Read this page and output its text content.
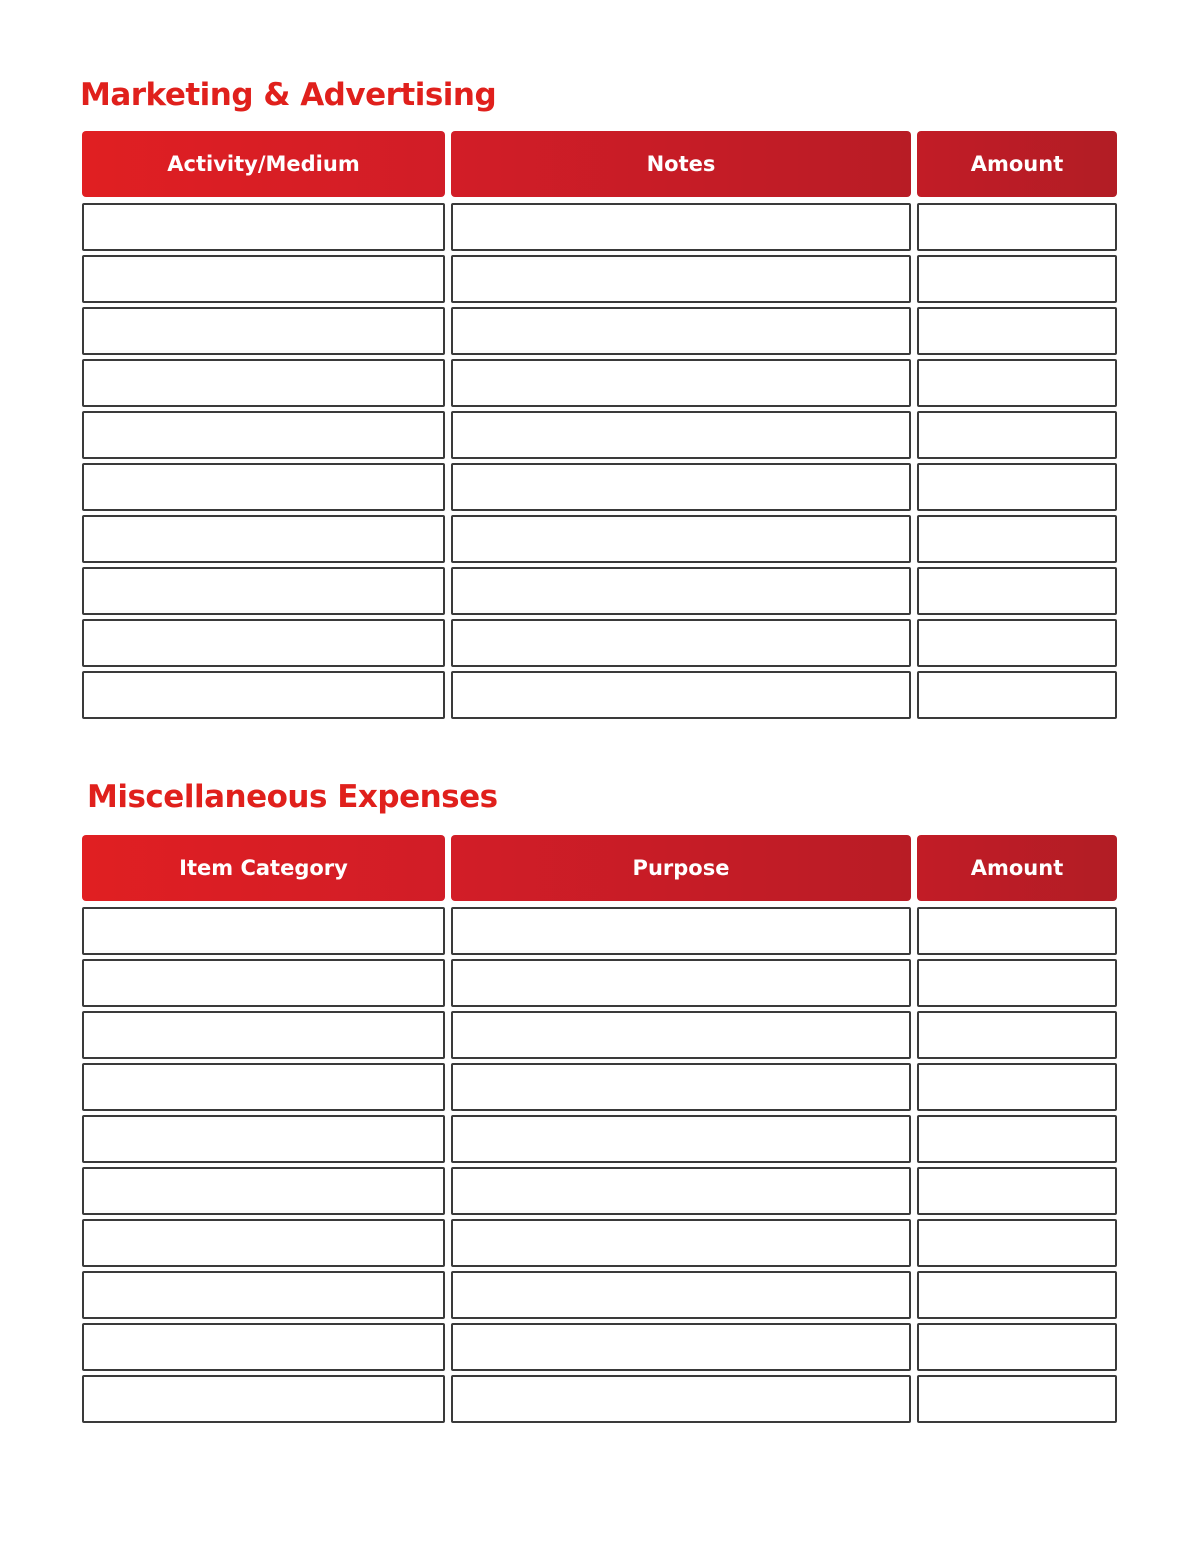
Marketing & Advertising
Activity/Medium	Notes	Amount
Miscellaneous Expenses
Item Category	Purpose	Amount
